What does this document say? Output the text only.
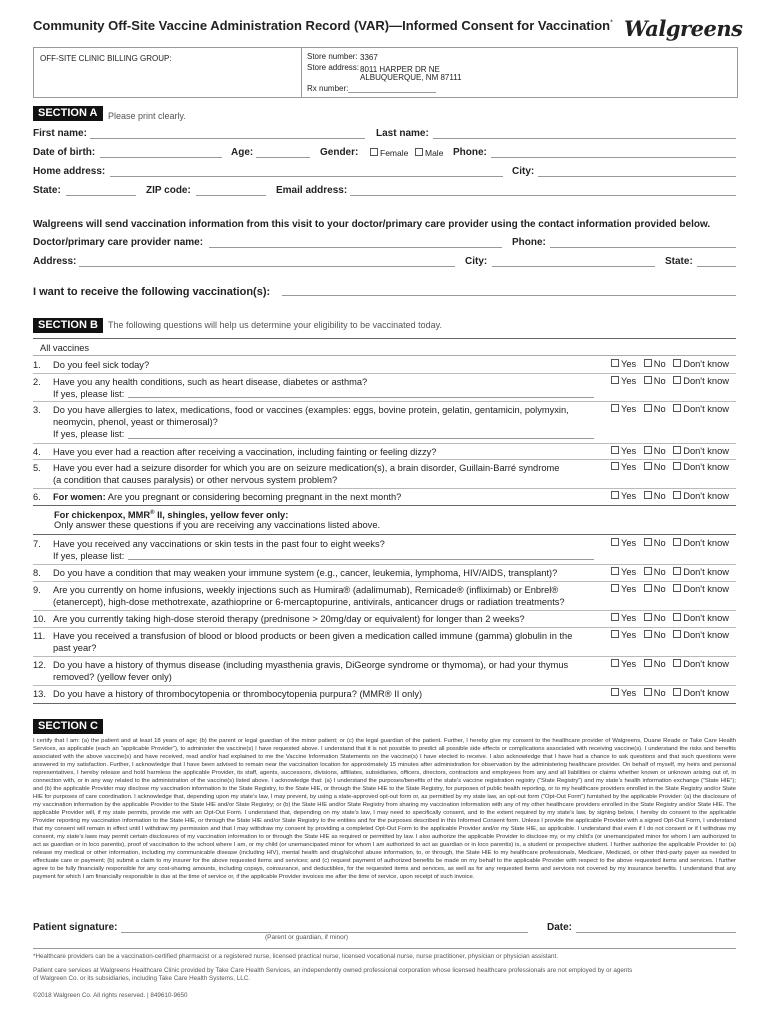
Community Off-Site Vaccine Administration Record (VAR)—Informed Consent for Vaccination* Walgreens
OFF-SITE CLINIC BILLING GROUP:	Store number: 3367
Store address: 8011 HARPER DR NE
ALBUQUERQUE, NM 87111
Rx number:
SECTION A	Please print clearly.
First name:	Last name:
Date of birth:	Age:	Gender:	Female	Male Phone:
Home address:	City:
State:	ZIP code:	Email address:
Walgreens will send vaccination information from this visit to your doctor/primary care provider using the contact information provided below.
Doctor/primary care provider name:	Phone:
Address:	City:	State:
I want to receive the following vaccination(s):
SECTION B	The following questions will help us determine your eligibility to be vaccinated today.
All vaccines
1. Do you feel sick today?	Yes No Don't know
2. Have you any health conditions, such as heart disease, diabetes or asthma?
If yes, please list:
Yes No Don't know
3. Do you have allergies to latex, medications, food or vaccines (examples: eggs, bovine protein, gelatin, gentamicin, polymyxin,
neomycin, phenol, yeast or thimerosal)?
If yes, please list:
Yes No Don't know
4. Have you ever had a reaction after receiving a vaccination, including fainting or feeling dizzy?	Yes No Don't know
5. Have you ever had a seizure disorder for which you are on seizure medication(s), a brain disorder, Guillain-Barré syndrome
(a condition that causes paralysis) or other nervous system problem?
Yes No Don't know
6. For women: Are you pregnant or considering becoming pregnant in the next month?	Yes No Don't know
For chickenpox, MMR® II, shingles, yellow fever only:
Only answer these questions if you are receiving any vaccinations listed above.
7. Have you received any vaccinations or skin tests in the past four to eight weeks?
If yes, please list:
Yes No Don't know
8. Do you have a condition that may weaken your immune system (e.g., cancer, leukemia, lymphoma, HIV/AIDS, transplant)?	Yes No Don't know
9. Are you currently on home infusions, weekly injections such as Humira® (adalimumab), Remicade® (infliximab) or Enbrel®
(etanercept), high-dose methotrexate, azathioprine or 6-mercaptopurine, antivirals, anticancer drugs or radiation treatments?
Yes No Don't know
10. Are you currently taking high-dose steroid therapy (prednisone > 20mg/day or equivalent) for longer than 2 weeks?	Yes No Don't know
11. Have you received a transfusion of blood or blood products or been given a medication called immune (gamma) globulin in the
past year?
Yes No Don't know
12. Do you have a history of thymus disease (including myasthenia gravis, DiGeorge syndrome or thymoma), or had your thymus
removed? (yellow fever only)
Yes No Don't know
13. Do you have a history of thrombocytopenia or thrombocytopenia purpura? (MMR® II only)	Yes No Don't know
SECTION C
I certify that I am: (a) the patient and at least 18 years of age; (b) the parent or legal guardian of the minor patient; or (c) the legal guardian of the patient. Further, I hereby give my consent to the healthcare provider of Walgreens, Duane Reade or Take Care Health Services, as applicable (each an “applicable Provider”), to administer the vaccine(s) I have requested above. I understand that it is not possible to predict all possible side effects or complications associated with receiving vaccine(s). I understand the risks and benefits associated with the above vaccine(s) and have received, read and/or had explained to me the Vaccine Information Statements on the vaccine(s) I have elected to receive. I also acknowledge that I have had a chance to ask questions and that such questions were answered to my satisfaction. Further, I acknowledge that I have been advised to remain near the vaccination location for approximately 15 minutes after administration for observation by the administering healthcare provider. On behalf of myself, my heirs and personal representatives, I hereby release and hold harmless the applicable Provider, its staff, agents, successors, divisions, affiliates, subsidiaries, officers, directors, contractors and employees from any and all liabilities or claims whether known or unknown arising out of, in connection with, or in any way related to the administration of the vaccine(s) listed above. I acknowledge that: (a) I understand the purposes/benefits of the state’s vaccine registration registry (“State Registry”) and my state’s health information exchange (“State HIE”); and (b) the applicable Provider may disclose my vaccination information to the State Registry, to the State HIE, or through the State HIE to the State Registry, for purposes of public health reporting, or to my healthcare providers enrolled in the State Registry and/or State HIE for purposes of care coordination. I acknowledge that, depending upon my state’s law, I may prevent, by using a state-approved opt-out form or, as permitted by my state law, an opt-out form (“Opt-Out Form”) furnished by the applicable Provider: (a) the disclosure of my vaccination information by the applicable Provider to the State HIE and/or State Registry; or (b) the State HIE and/or State Registry from sharing my vaccination information with any of my other healthcare providers enrolled in the State Registry and/or State HIE. The applicable Provider will, if my state permits, provide me with an Opt-Out Form. I understand that, depending on my state’s law, I may need to specifically consent, and to the extent required by my state’s law, by signing below, I hereby do consent to the applicable Provider reporting my vaccination information to the State HIE, or through the State HIE and/or State Registry to the entities and for the purposes described in this Informed Consent form. Unless I provide the applicable Provider with a signed Opt-Out Form, I understand that my consent will remain in effect until I withdraw my permission and that I may withdraw my consent by providing a completed Opt-Out Form to the applicable Provider and/or my State HIE, as applicable. I understand that even if I do not consent or if I withdraw my consent, my state’s laws may permit certain disclosures of my vaccination information to or through the State HIE as required or permitted by law. I also authorize the applicable Provider to disclose my, or my child’s (or unemancipated minor for whom I am authorized to act as guardian or in loco parentis), proof of vaccination to the school where I am, or my child (or unemancipated minor for whom I am authorized to act as guardian or in loco parentis) is, a student or prospective student. I further authorize the applicable Provider to: (a) release my medical or other information, including my communicable disease (including HIV), mental health and drug/alcohol abuse information, to, or through, the State HIE to my healthcare professionals, Medicare, Medicaid, or other third-party payer as needed to effectuate care or payment; (b) submit a claim to my insurer for the above requested items and services; and (c) request payment of authorized benefits be made on my behalf to the applicable Provider with respect to the above requested items and services. I further agree to be fully financially responsible for any cost-sharing amounts, including copays, coinsurance, and deductibles, for the requested items and services, as well as for any requested items and services not covered by my insurance benefits. I understand that any payment for which I am financially responsible is due at the time of service or, if the applicable Provider invoices me after the time of service, upon receipt of such invoice.
Patient signature:
(Parent or guardian, if minor)
Date:
*Healthcare providers can be a vaccination-certified pharmacist or a registered nurse, licensed practical nurse, licensed vocational nurse, nurse practitioner, physician or physician assistant.
Patient care services at Walgreens Healthcare Clinic provided by Take Care Health Services, an independently owned professional corporation whose licensed healthcare professionals are not employed by or agents
of Walgreen Co. or its subsidiaries, including Take Care Health Systems, LLC.
©2018 Walgreen Co. All rights reserved. | 849610-9650
